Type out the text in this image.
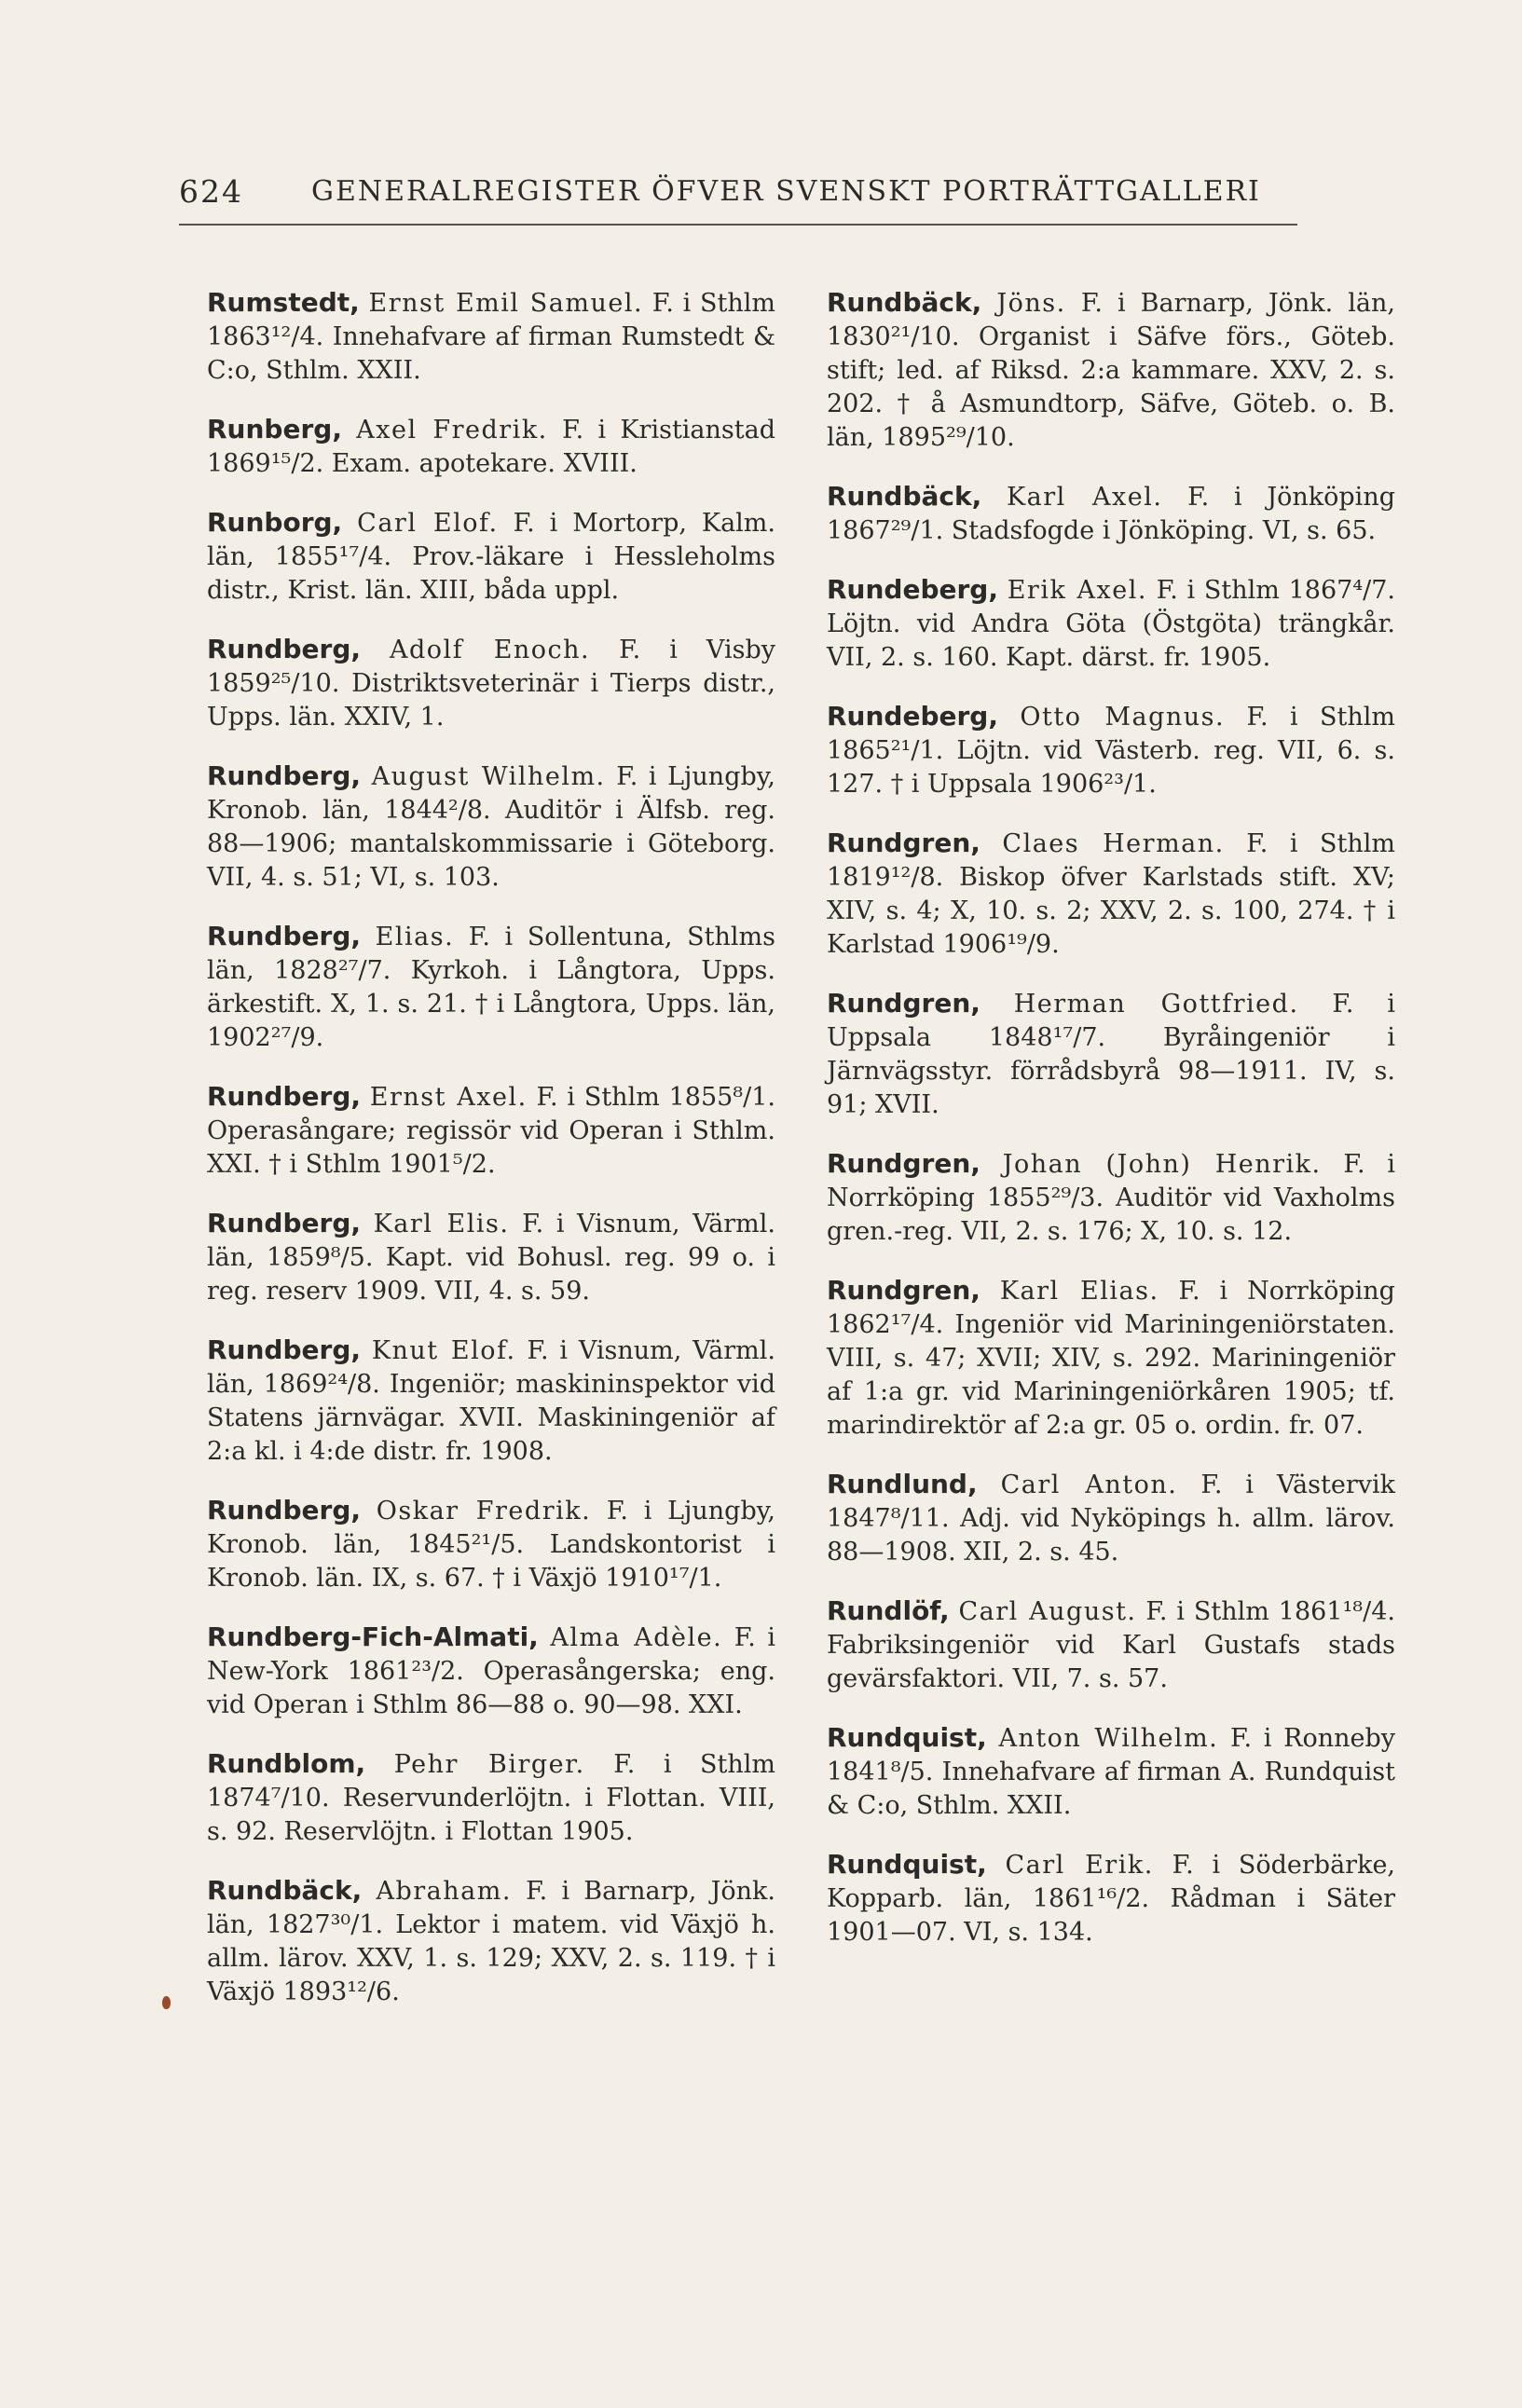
624 GENERALREGISTER ÖFVER SVENSKT PORTRÄTTGALLERI

Rumstedt, Ernst Emil Samuel. F. i Sthlm 1863¹²/4. Innehafvare af firman Rumstedt & C:o, Sthlm. XXII.

Runberg, Axel Fredrik. F. i Kristianstad 1869¹⁵/2. Exam. apotekare. XVIII.

Runborg, Carl Elof. F. i Mortorp, Kalm. län, 1855¹⁷/4. Prov.-läkare i Hessleholms distr., Krist. län. XIII, båda uppl.

Rundberg, Adolf Enoch. F. i Visby 1859²⁵/10. Distriktsveterinär i Tierps distr., Upps. län. XXIV, 1.

Rundberg, August Wilhelm. F. i Ljungby, Kronob. län, 1844²/8. Auditör i Älfsb. reg. 88—1906; mantalskommissarie i Göteborg. VII, 4. s. 51; VI, s. 103.

Rundberg, Elias. F. i Sollentuna, Sthlms län, 1828²⁷/7. Kyrkoh. i Långtora, Upps. ärkestift. X, 1. s. 21. † i Långtora, Upps. län, 1902²⁷/9.

Rundberg, Ernst Axel. F. i Sthlm 1855⁸/1. Operasångare; regissör vid Operan i Sthlm. XXI. † i Sthlm 1901⁵/2.

Rundberg, Karl Elis. F. i Visnum, Värml. län, 1859⁸/5. Kapt. vid Bohusl. reg. 99 o. i reg. reserv 1909. VII, 4. s. 59.

Rundberg, Knut Elof. F. i Visnum, Värml. län, 1869²⁴/8. Ingeniör; maskininspektor vid Statens järnvägar. XVII. Maskiningeniör af 2:a kl. i 4:de distr. fr. 1908.

Rundberg, Oskar Fredrik. F. i Ljungby, Kronob. län, 1845²¹/5. Landskontorist i Kronob. län. IX, s. 67. † i Växjö 1910¹⁷/1.

Rundberg-Fich-Almati, Alma Adèle. F. i New-York 1861²³/2. Operasångerska; eng. vid Operan i Sthlm 86—88 o. 90—98. XXI.

Rundblom, Pehr Birger. F. i Sthlm 1874⁷/10. Reservunderlöjtn. i Flottan. VIII, s. 92. Reservlöjtn. i Flottan 1905.

Rundbäck, Abraham. F. i Barnarp, Jönk. län, 1827³⁰/1. Lektor i matem. vid Växjö h. allm. lärov. XXV, 1. s. 129; XXV, 2. s. 119. † i Växjö 1893¹²/6.

Rundbäck, Jöns. F. i Barnarp, Jönk. län, 1830²¹/10. Organist i Säfve förs., Göteb. stift; led. af Riksd. 2:a kammare. XXV, 2. s. 202. † å Asmundtorp, Säfve, Göteb. o. B. län, 1895²⁹/10.

Rundbäck, Karl Axel. F. i Jönköping 1867²⁹/1. Stadsfogde i Jönköping. VI, s. 65.

Rundeberg, Erik Axel. F. i Sthlm 1867⁴/7. Löjtn. vid Andra Göta (Östgöta) trängkår. VII, 2. s. 160. Kapt. därst. fr. 1905.

Rundeberg, Otto Magnus. F. i Sthlm 1865²¹/1. Löjtn. vid Västerb. reg. VII, 6. s. 127. † i Uppsala 1906²³/1.

Rundgren, Claes Herman. F. i Sthlm 1819¹²/8. Biskop öfver Karlstads stift. XV; XIV, s. 4; X, 10. s. 2; XXV, 2. s. 100, 274. † i Karlstad 1906¹⁹/9.

Rundgren, Herman Gottfried. F. i Uppsala 1848¹⁷/7. Byråingeniör i Järnvägsstyr. förrådsbyrå 98—1911. IV, s. 91; XVII.

Rundgren, Johan (John) Henrik. F. i Norrköping 1855²⁹/3. Auditör vid Vaxholms gren.-reg. VII, 2. s. 176; X, 10. s. 12.

Rundgren, Karl Elias. F. i Norrköping 1862¹⁷/4. Ingeniör vid Mariningeniörstaten. VIII, s. 47; XVII; XIV, s. 292. Mariningeniör af 1:a gr. vid Mariningeniörkåren 1905; tf. marindirektör af 2:a gr. 05 o. ordin. fr. 07.

Rundlund, Carl Anton. F. i Västervik 1847⁸/11. Adj. vid Nyköpings h. allm. lärov. 88—1908. XII, 2. s. 45.

Rundlöf, Carl August. F. i Sthlm 1861¹⁸/4. Fabriksingeniör vid Karl Gustafs stads gevärsfaktori. VII, 7. s. 57.

Rundquist, Anton Wilhelm. F. i Ronneby 1841⁸/5. Innehafvare af firman A. Rundquist & C:o, Sthlm. XXII.

Rundquist, Carl Erik. F. i Söderbärke, Kopparb. län, 1861¹⁶/2. Rådman i Säter 1901—07. VI, s. 134.
